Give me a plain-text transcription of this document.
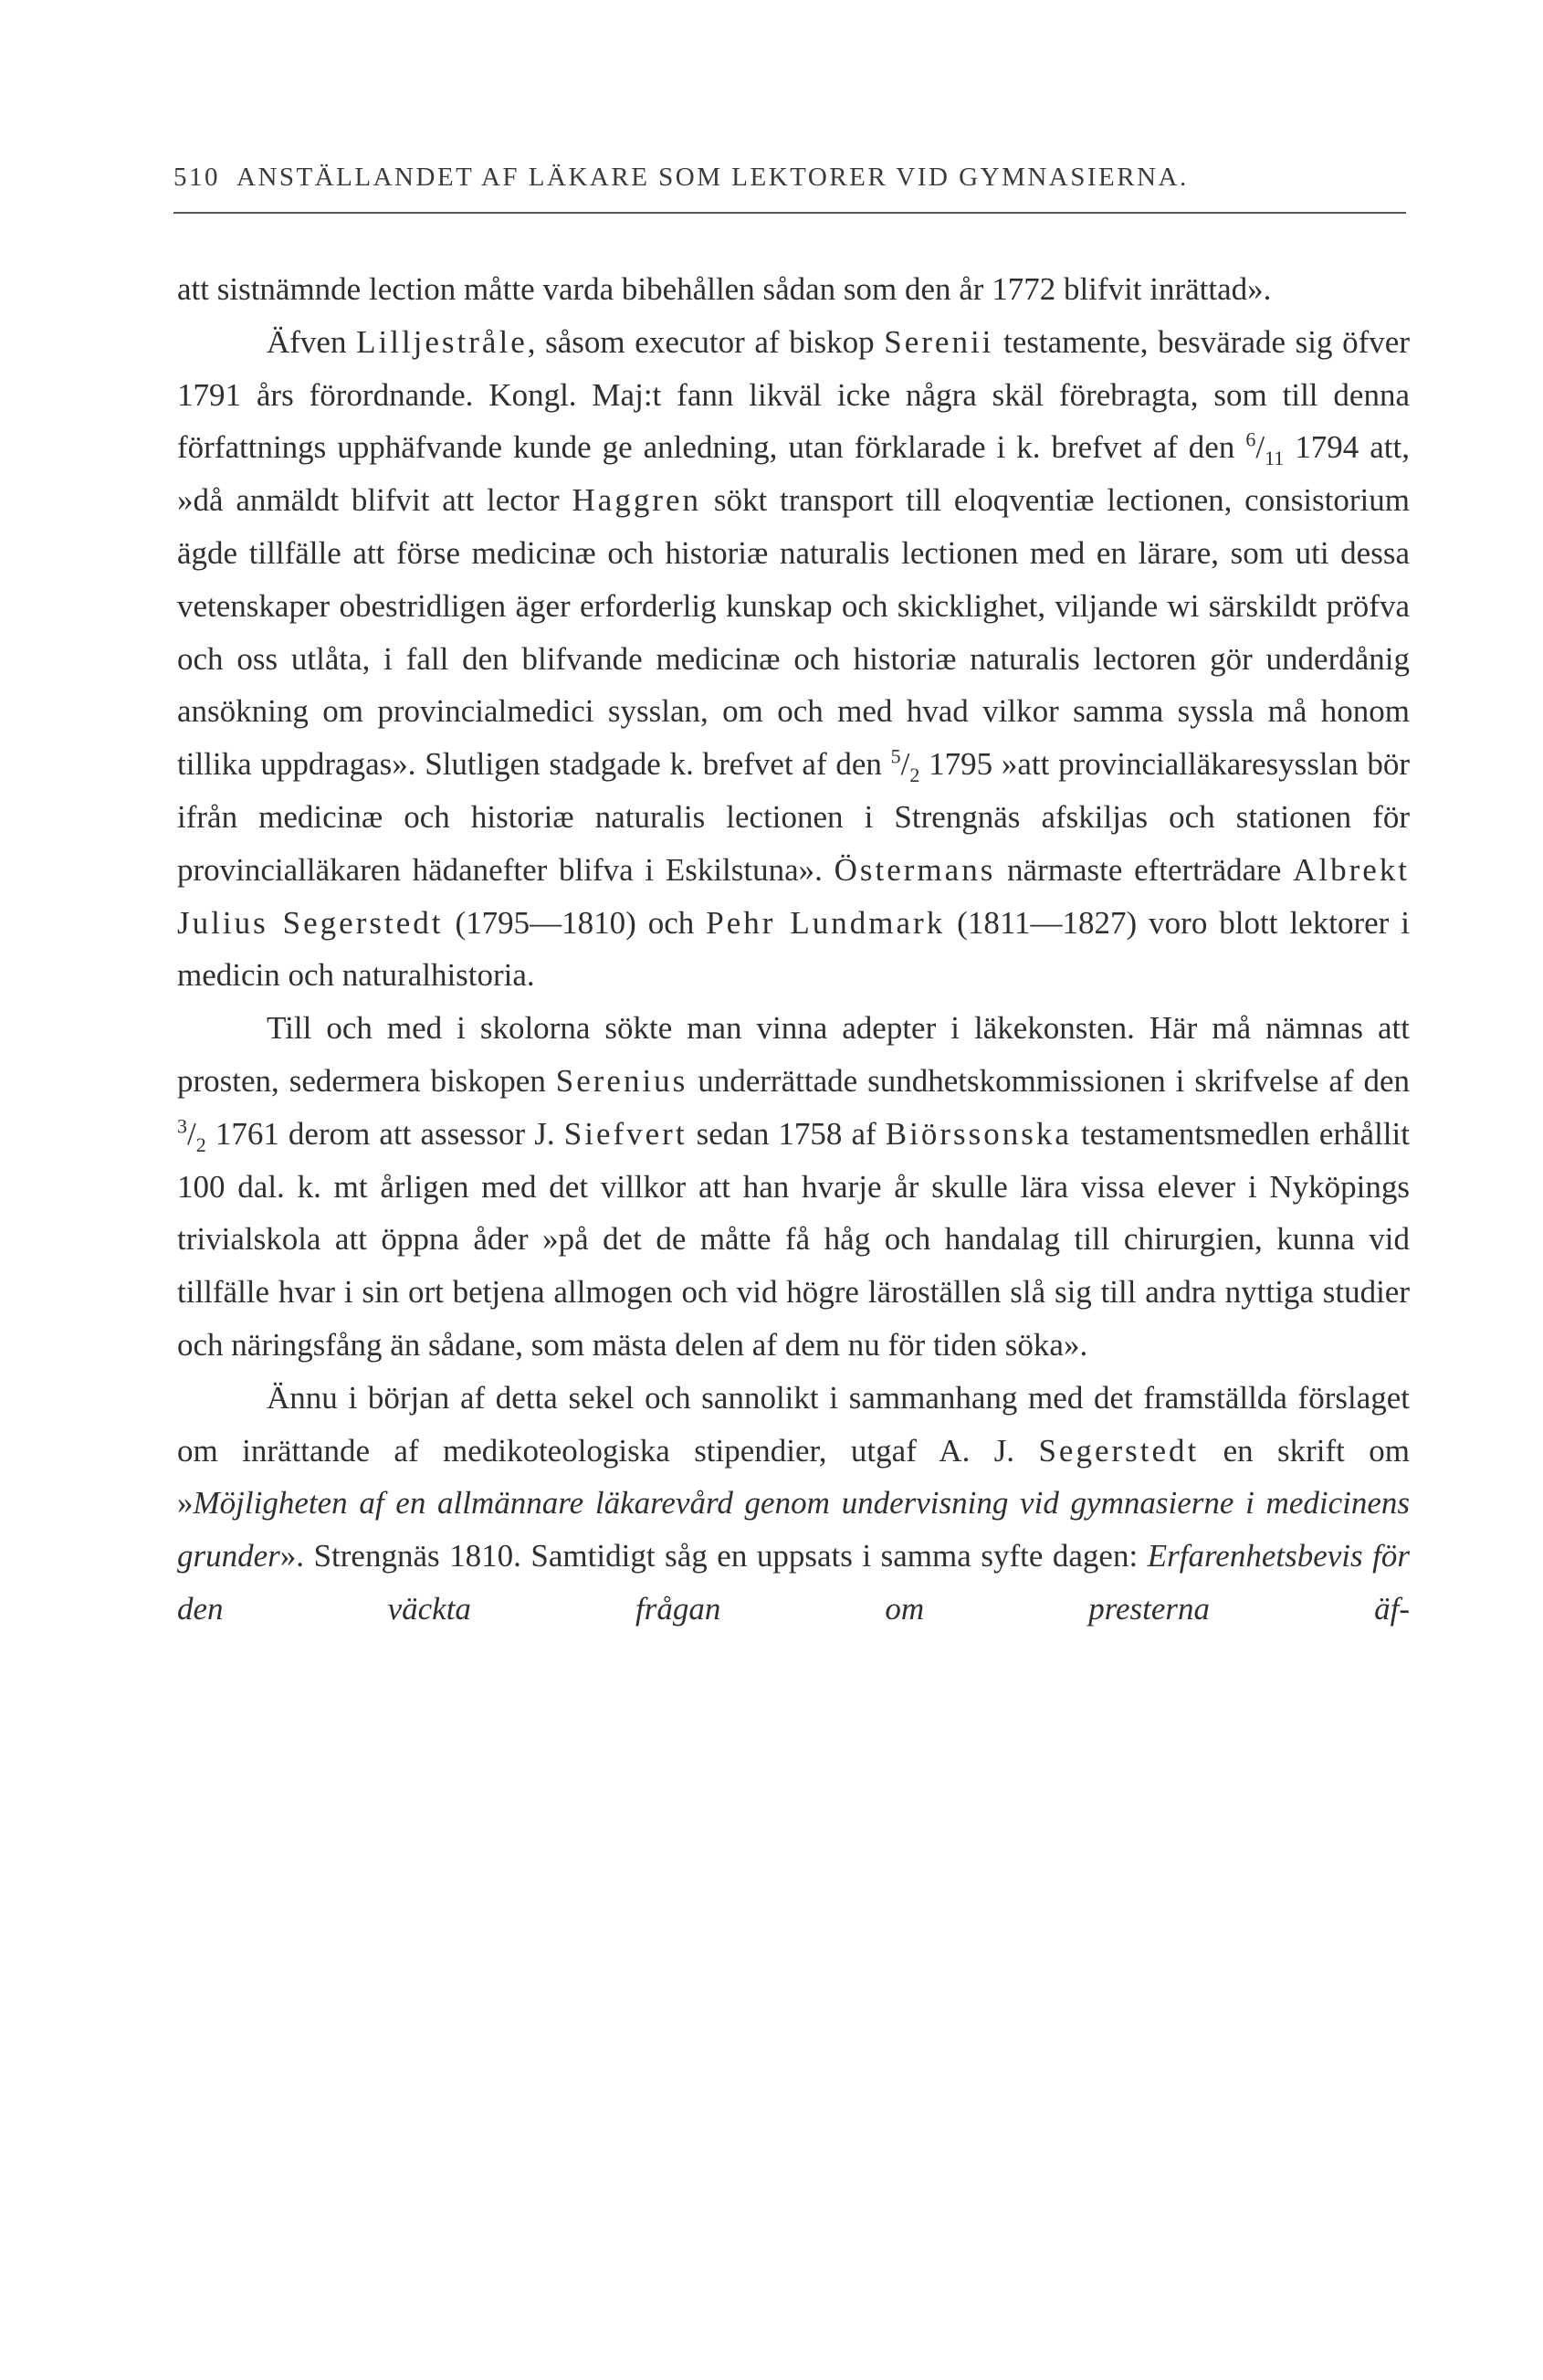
510 ANSTÄLLANDET AF LÄKARE SOM LEKTORER VID GYMNASIERNA.

att sistnämnde lection måtte varda bibehållen sådan som den år 1772 blifvit inrättad».

Äfven Lilljestråle, såsom executor af biskop Serenii testamente, besvärade sig öfver 1791 års förordnande. Kongl. Maj:t fann likväl icke några skäl förebragta, som till denna författnings upphäfvande kunde ge anledning, utan förklarade i k. brefvet af den $^6/_{11}$ 1794 att, »då anmäldt blifvit att lector Haggren sökt transport till eloqventiæ lectionen, consistorium ägde tillfälle att förse medicinæ och historiæ naturalis lectionen med en lärare, som uti dessa vetenskaper obestridligen äger erforderlig kunskap och skicklighet, viljande wi särskildt pröfva och oss utlåta, i fall den blifvande medicinæ och historiæ naturalis lectoren gör underdånig ansökning om provincialmedici sysslan, om och med hvad vilkor samma syssla må honom tillika uppdragas». Slutligen stadgade k. brefvet af den $^5/_2$ 1795 »att provincialläkaresysslan bör ifrån medicinæ och historiæ naturalis lectionen i Strengnäs afskiljas och stationen för provincialläkaren hädanefter blifva i Eskilstuna». Östermans närmaste efterträdare Albrekt Julius Segerstedt (1795—1810) och Pehr Lundmark (1811—1827) voro blott lektorer i medicin och naturalhistoria.

Till och med i skolorna sökte man vinna adepter i läkekonsten. Här må nämnas att prosten, sedermera biskopen Serenius underrättade sundhetskommissionen i skrifvelse af den $^3/_2$ 1761 derom att assessor J. Siefvert sedan 1758 af Biörssonska testamentsmedlen erhållit 100 dal. k. mt årligen med det villkor att han hvarje år skulle lära vissa elever i Nyköpings trivialskola att öppna åder »på det de måtte få håg och handalag till chirurgien, kunna vid tillfälle hvar i sin ort betjena allmogen och vid högre läroställen slå sig till andra nyttiga studier och näringsfång än sådane, som mästa delen af dem nu för tiden söka».

Ännu i början af detta sekel och sannolikt i sammanhang med det framställda förslaget om inrättande af medikoteologiska stipendier, utgaf A. J. Segerstedt en skrift om »Möjligheten af en allmännare läkarevård genom undervisning vid gymnasierne i medicinens grunder». Strengnäs 1810. Samtidigt såg en uppsats i samma syfte dagen: Erfarenhetsbevis för den väckta frågan om presterna äf-
